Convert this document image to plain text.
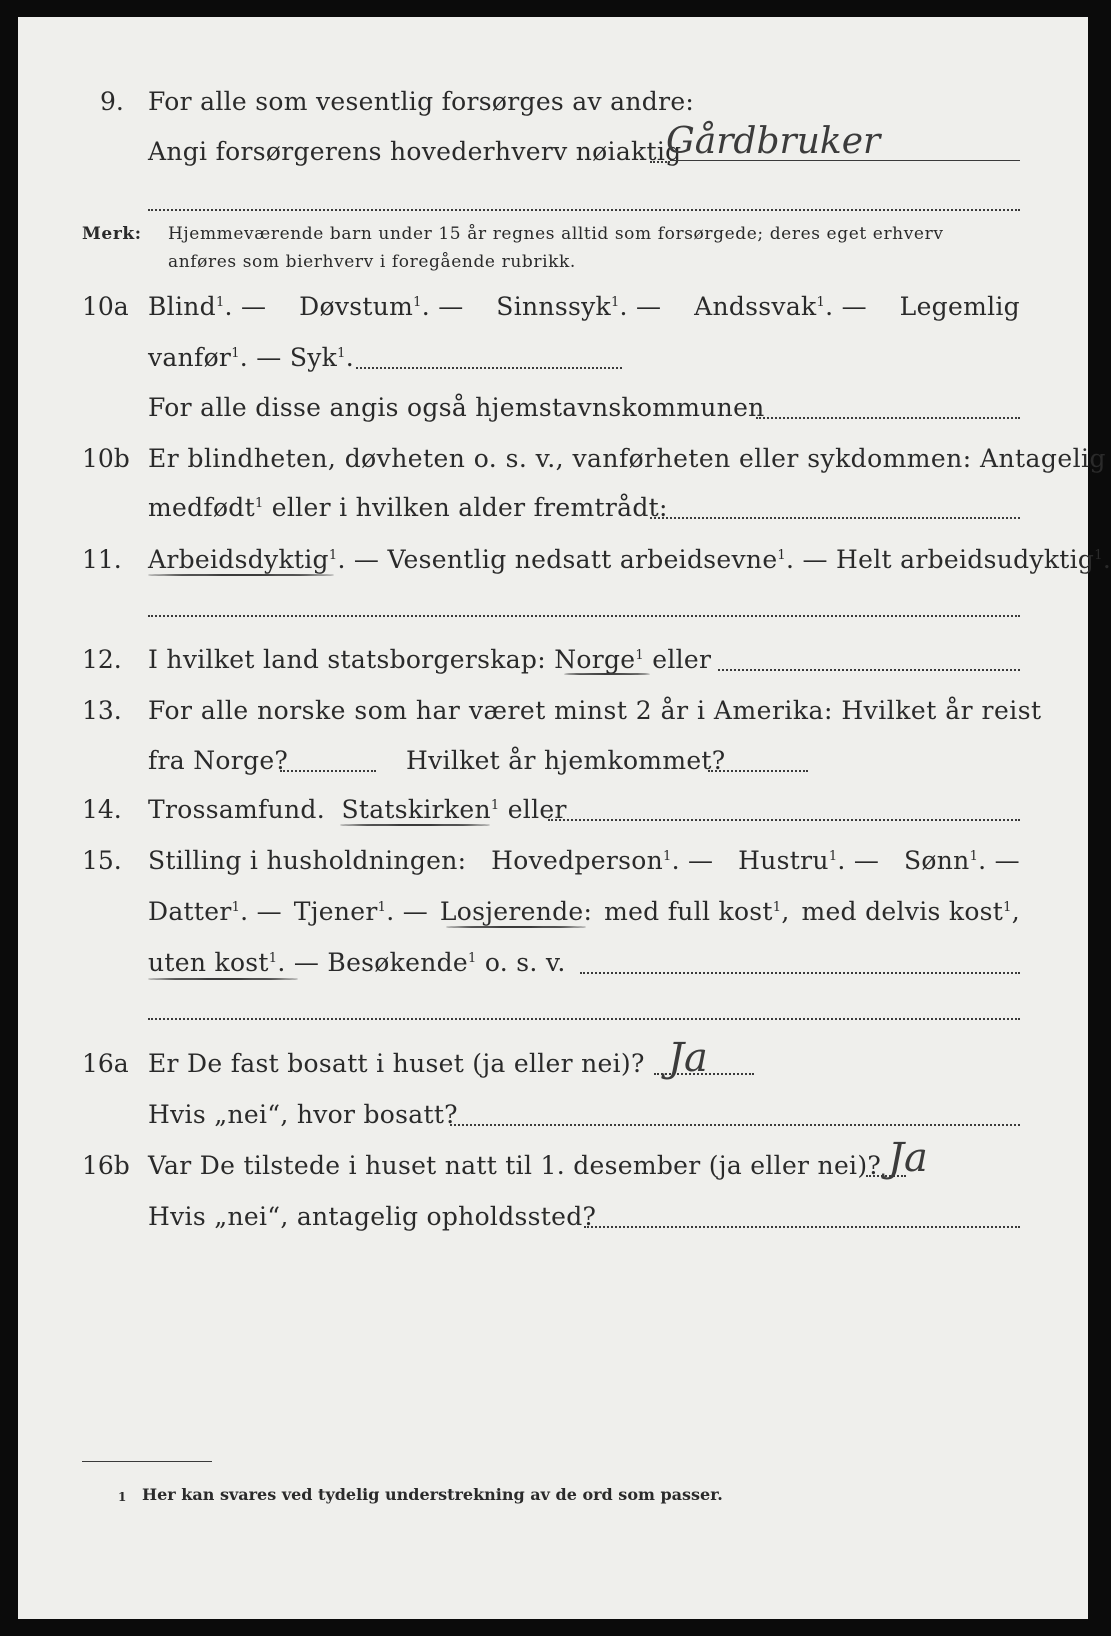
9. For alle som vesentlig forsørges av andre:
Angi forsørgerens hovederhverv nøiaktig
Gårdbruker
Merk: Hjemmeværende barn under 15 år regnes alltid som forsørgede; deres eget erhverv
anføres som bierhverv i foregående rubrikk.
10a Blind$^1$. — Døvstum$^1$. — Sinnssyk$^1$. — Andssvak$^1$. — Legemlig
vanfør$^1$. — Syk$^1$.
For alle disse angis også hjemstavnskommunen
10b Er blindheten, døvheten o. s. v., vanførheten eller sykdommen: Antagelig
medfødt$^1$ eller i hvilken alder fremtrådt:
11. Arbeidsdyktig$^1$. — Vesentlig nedsatt arbeidsevne$^1$. — Helt arbeidsudyktig$^1$.
12. I hvilket land statsborgerskap: Norge$^1$ eller
13. For alle norske som har været minst 2 år i Amerika: Hvilket år reist
fra Norge?	Hvilket år hjemkommet?
14. Trossamfund. Statskirken$^1$ eller
15. Stilling i husholdningen: Hovedperson$^1$. — Hustru$^1$. — Sønn$^1$. —
Datter$^1$. — Tjener$^1$. — Losjerende: med full kost$^1$, med delvis kost$^1$,
uten kost$^1$. — Besøkende$^1$ o. s. v.
16a Er De fast bosatt i huset (ja eller nei)? Ja
Hvis „nei“, hvor bosatt?
16b Var De tilstede i huset natt til 1. desember (ja eller nei)? Ja
Hvis „nei“, antagelig opholdssted?
1 Her kan svares ved tydelig understrekning av de ord som passer.
